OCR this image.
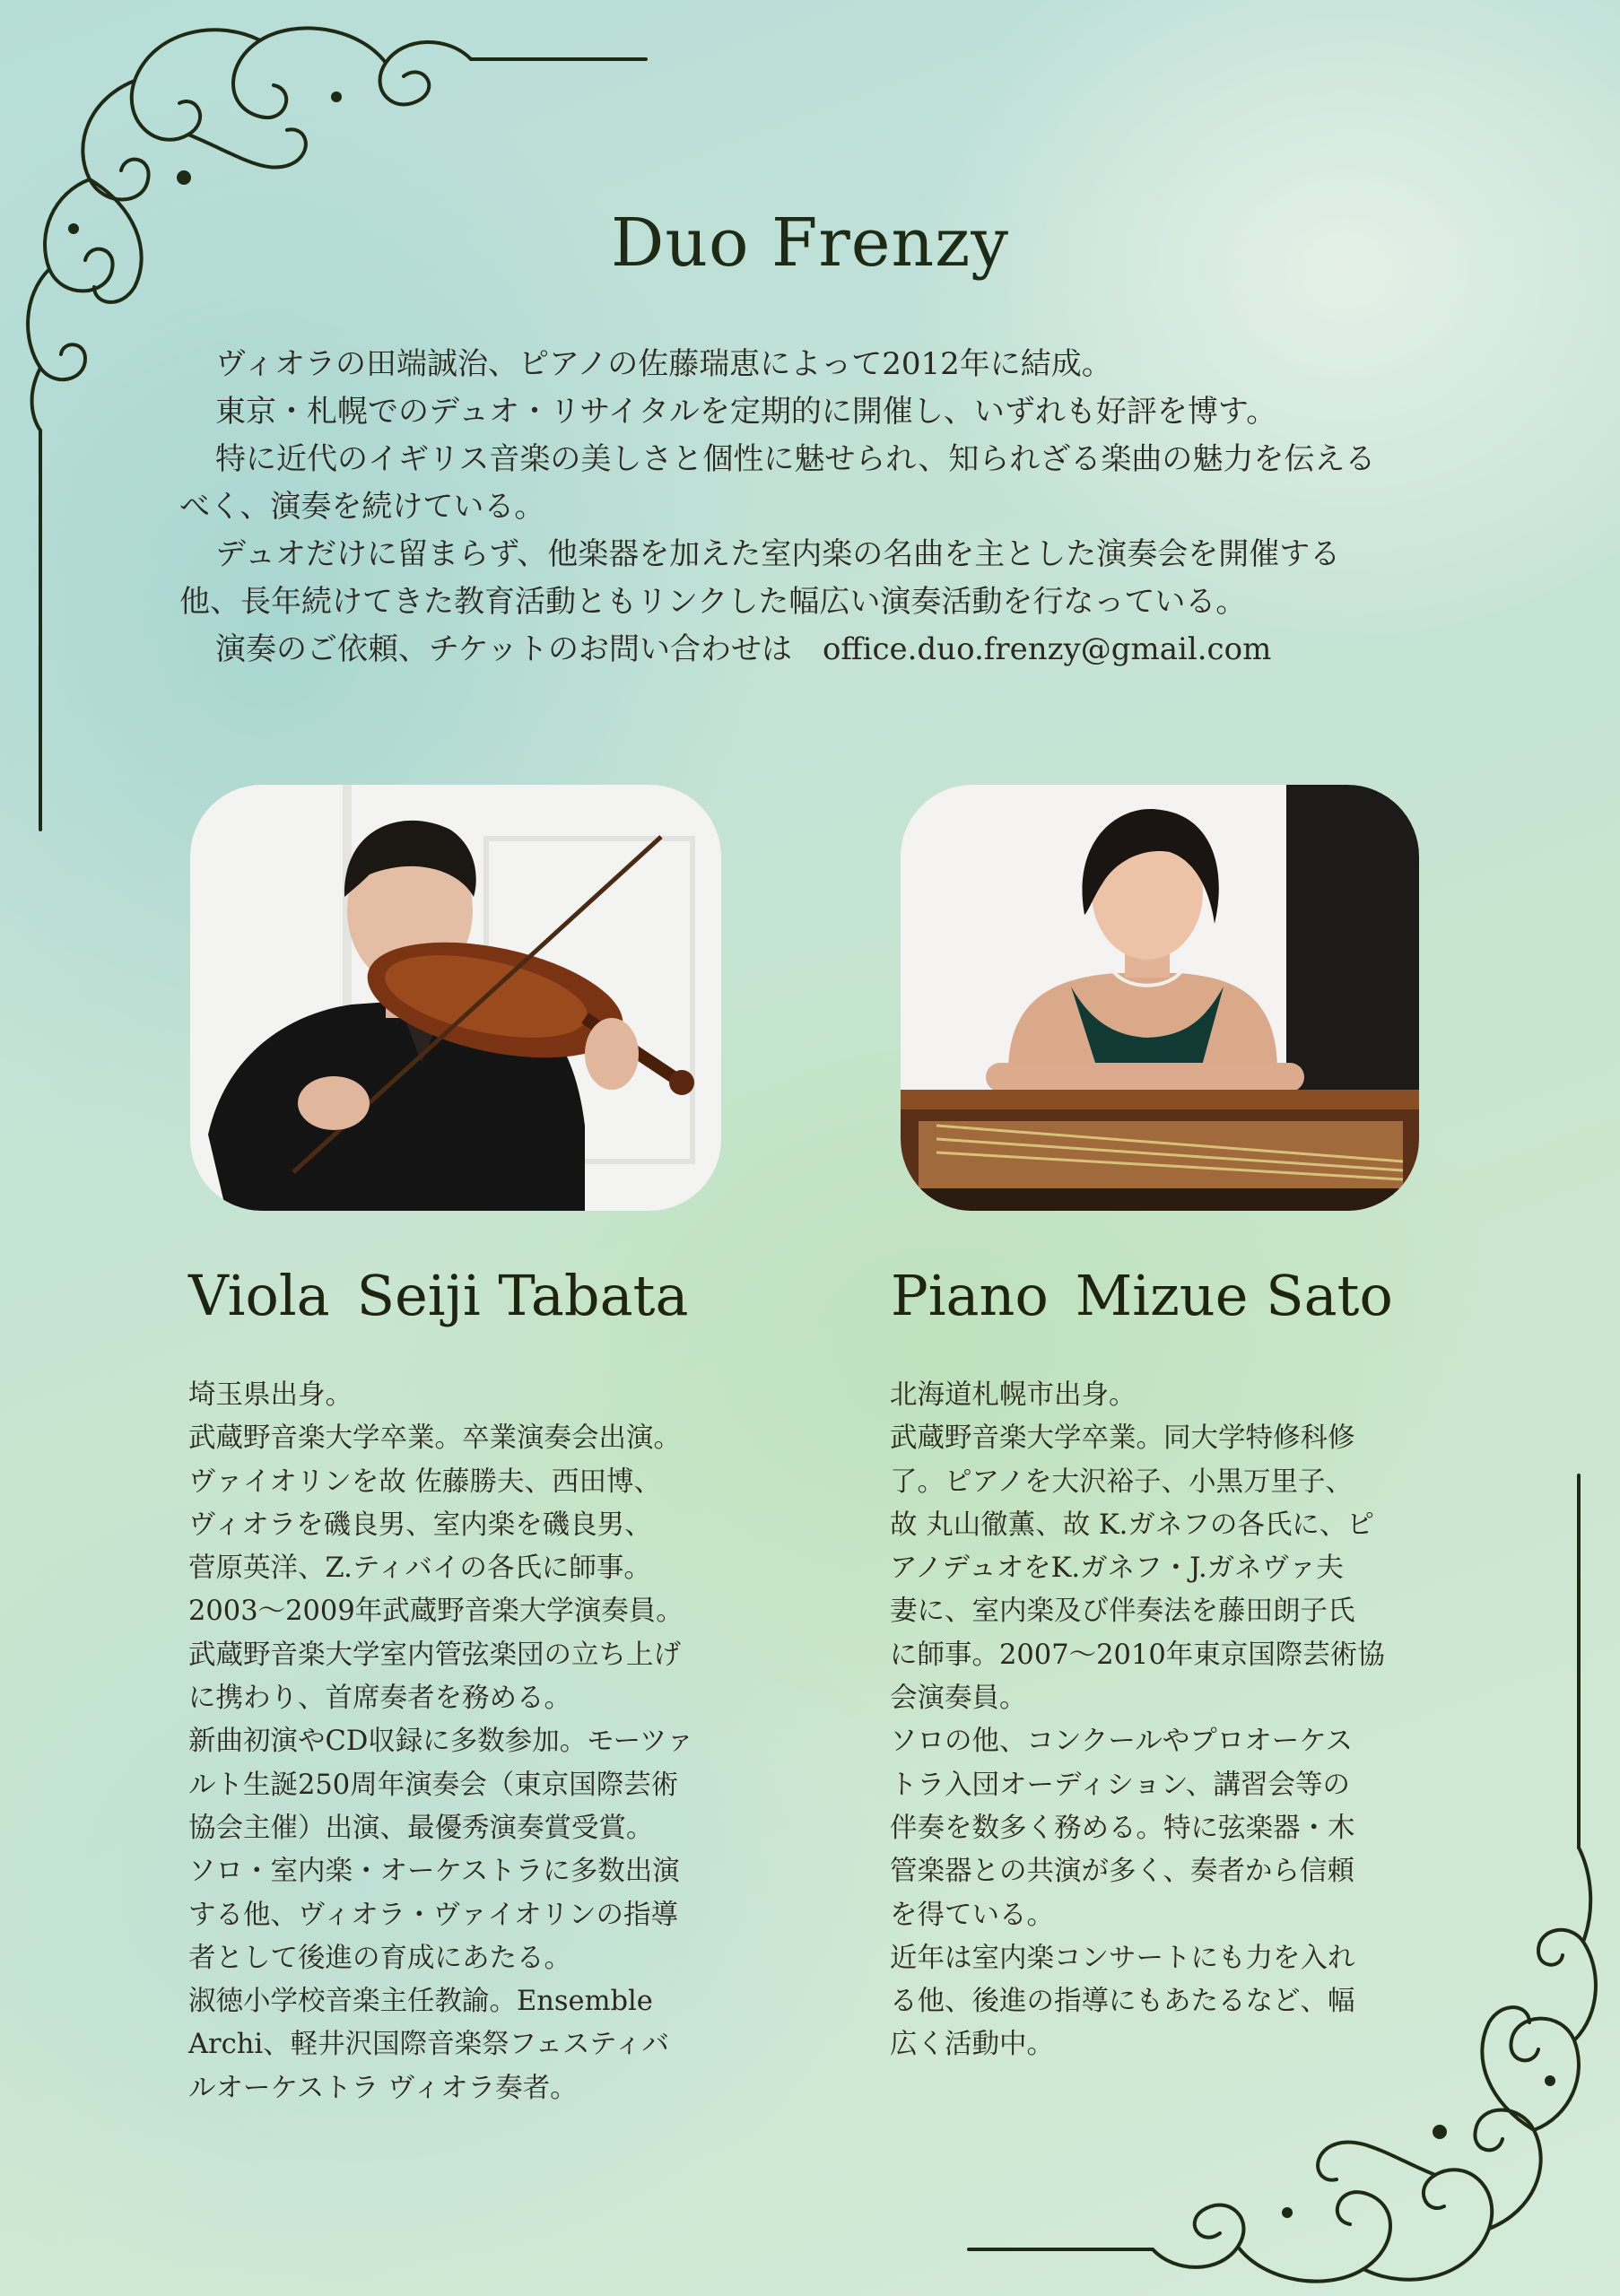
Duo Frenzy

ヴィオラの田端誠治、ピアノの佐藤瑞恵によって2012年に結成。

東京・札幌でのデュオ・リサイタルを定期的に開催し、いずれも好評を博す。

特に近代のイギリス音楽の美しさと個性に魅せられ、知られざる楽曲の魅力を伝える

べく、演奏を続けている。

デュオだけに留まらず、他楽器を加えた室内楽の名曲を主とした演奏会を開催する

他、長年続けてきた教育活動ともリンクした幅広い演奏活動を行なっている。

演奏のご依頼、チケットのお問い合わせは　office.duo.frenzy@gmail.com

Viola Seiji Tabata	Piano Mizue Sato

埼玉県出身。

武蔵野音楽大学卒業。卒業演奏会出演。

ヴァイオリンを故 佐藤勝夫、西田博、

ヴィオラを磯良男、室内楽を磯良男、

菅原英洋、Z.ティバイの各氏に師事。

2003～2009年武蔵野音楽大学演奏員。

武蔵野音楽大学室内管弦楽団の立ち上げ

に携わり、首席奏者を務める。

新曲初演やCD収録に多数参加。モーツァ

ルト生誕250周年演奏会（東京国際芸術

協会主催）出演、最優秀演奏賞受賞。

ソロ・室内楽・オーケストラに多数出演

する他、ヴィオラ・ヴァイオリンの指導

者として後進の育成にあたる。

淑徳小学校音楽主任教諭。Ensemble

Archi、軽井沢国際音楽祭フェスティバ

ルオーケストラ ヴィオラ奏者。

北海道札幌市出身。

武蔵野音楽大学卒業。同大学特修科修

了。ピアノを大沢裕子、小黒万里子、

故 丸山徹薫、故 K.ガネフの各氏に、ピ

アノデュオをK.ガネフ・J.ガネヴァ夫

妻に、室内楽及び伴奏法を藤田朗子氏

に師事。2007～2010年東京国際芸術協

会演奏員。

ソロの他、コンクールやプロオーケス

トラ入団オーディション、講習会等の

伴奏を数多く務める。特に弦楽器・木

管楽器との共演が多く、奏者から信頼

を得ている。

近年は室内楽コンサートにも力を入れ

る他、後進の指導にもあたるなど、幅

広く活動中。
